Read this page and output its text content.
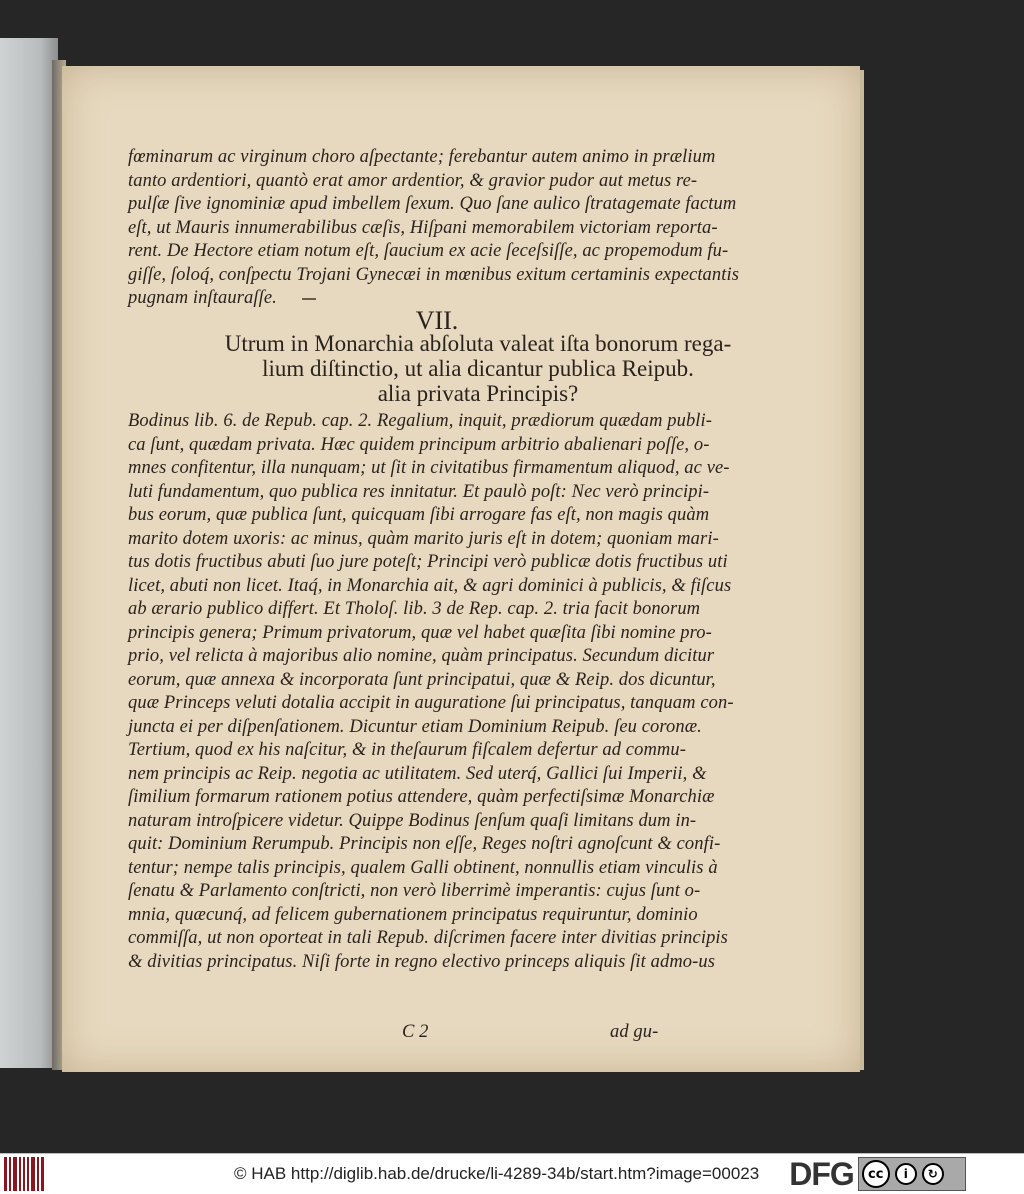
fœminarum ac virginum choro aſpectante; ferebantur autem animo in prælium
tanto ardentiori, quantò erat amor ardentior, & gravior pudor aut metus re-
pulſæ ſive ignominiæ apud imbellem ſexum. Quo ſane aulico ſtratagemate factum
eſt, ut Mauris innumerabilibus cæſis, Hiſpani memorabilem victoriam reporta-
rent. De Hectore etiam notum eſt, ſaucium ex acie ſeceſsiſſe, ac propemodum fu-
giſſe, ſoloq́, conſpectu Trojani Gynecæi in mœnibus exitum certaminis expectantis
pugnam inſtauraſſe.
VII.
Utrum in Monarchia abſoluta valeat iſta bonorum rega-
lium diſtinctio, ut alia dicantur publica Reipub.
alia privata Principis?
Bodinus lib. 6. de Repub. cap. 2. Regalium, inquit, prædiorum quædam publi-
ca ſunt, quædam privata. Hæc quidem principum arbitrio abalienari poſſe, o-
mnes confitentur, illa nunquam; ut ſit in civitatibus firmamentum aliquod, ac ve-
luti fundamentum, quo publica res innitatur. Et paulò poſt: Nec verò principi-
bus eorum, quæ publica ſunt, quicquam ſibi arrogare fas eſt, non magis quàm
marito dotem uxoris: ac minus, quàm marito juris eſt in dotem; quoniam mari-
tus dotis fructibus abuti ſuo jure poteſt; Principi verò publicæ dotis fructibus uti
licet, abuti non licet. Itaq́, in Monarchia ait, & agri dominici à publicis, & fiſcus
ab ærario publico differt. Et Tholoſ. lib. 3 de Rep. cap. 2. tria facit bonorum
principis genera; Primum privatorum, quæ vel habet quæſita ſibi nomine pro-
prio, vel relicta à majoribus alio nomine, quàm principatus. Secundum dicitur
eorum, quæ annexa & incorporata ſunt principatui, quæ & Reip. dos dicuntur,
quæ Princeps veluti dotalia accipit in auguratione ſui principatus, tanquam con-
juncta ei per diſpenſationem. Dicuntur etiam Dominium Reipub. ſeu coronæ.
Tertium, quod ex his naſcitur, & in theſaurum fiſcalem defertur ad commu-
nem principis ac Reip. negotia ac utilitatem. Sed uterq́, Gallici ſui Imperii, &
ſimilium formarum rationem potius attendere, quàm perfectiſsimæ Monarchiæ
naturam introſpicere videtur. Quippe Bodinus ſenſum quaſi limitans dum in-
quit: Dominium Rerumpub. Principis non eſſe, Reges noſtri agnoſcunt & confi-
tentur; nempe talis principis, qualem Galli obtinent, nonnullis etiam vinculis à
ſenatu & Parlamento conſtricti, non verò liberrimè imperantis: cujus ſunt o-
mnia, quæcunq́, ad felicem gubernationem principatus requiruntur, dominio
commiſſa, ut non oporteat in tali Repub. diſcrimen facere inter divitias principis
& divitias principatus. Niſi forte in regno electivo princeps aliquis ſit admo-us
C 2	ad gu-
© HAB http://diglib.hab.de/drucke/li-4289-34b/start.htm?image=00023 DFG	cc	i	↻
